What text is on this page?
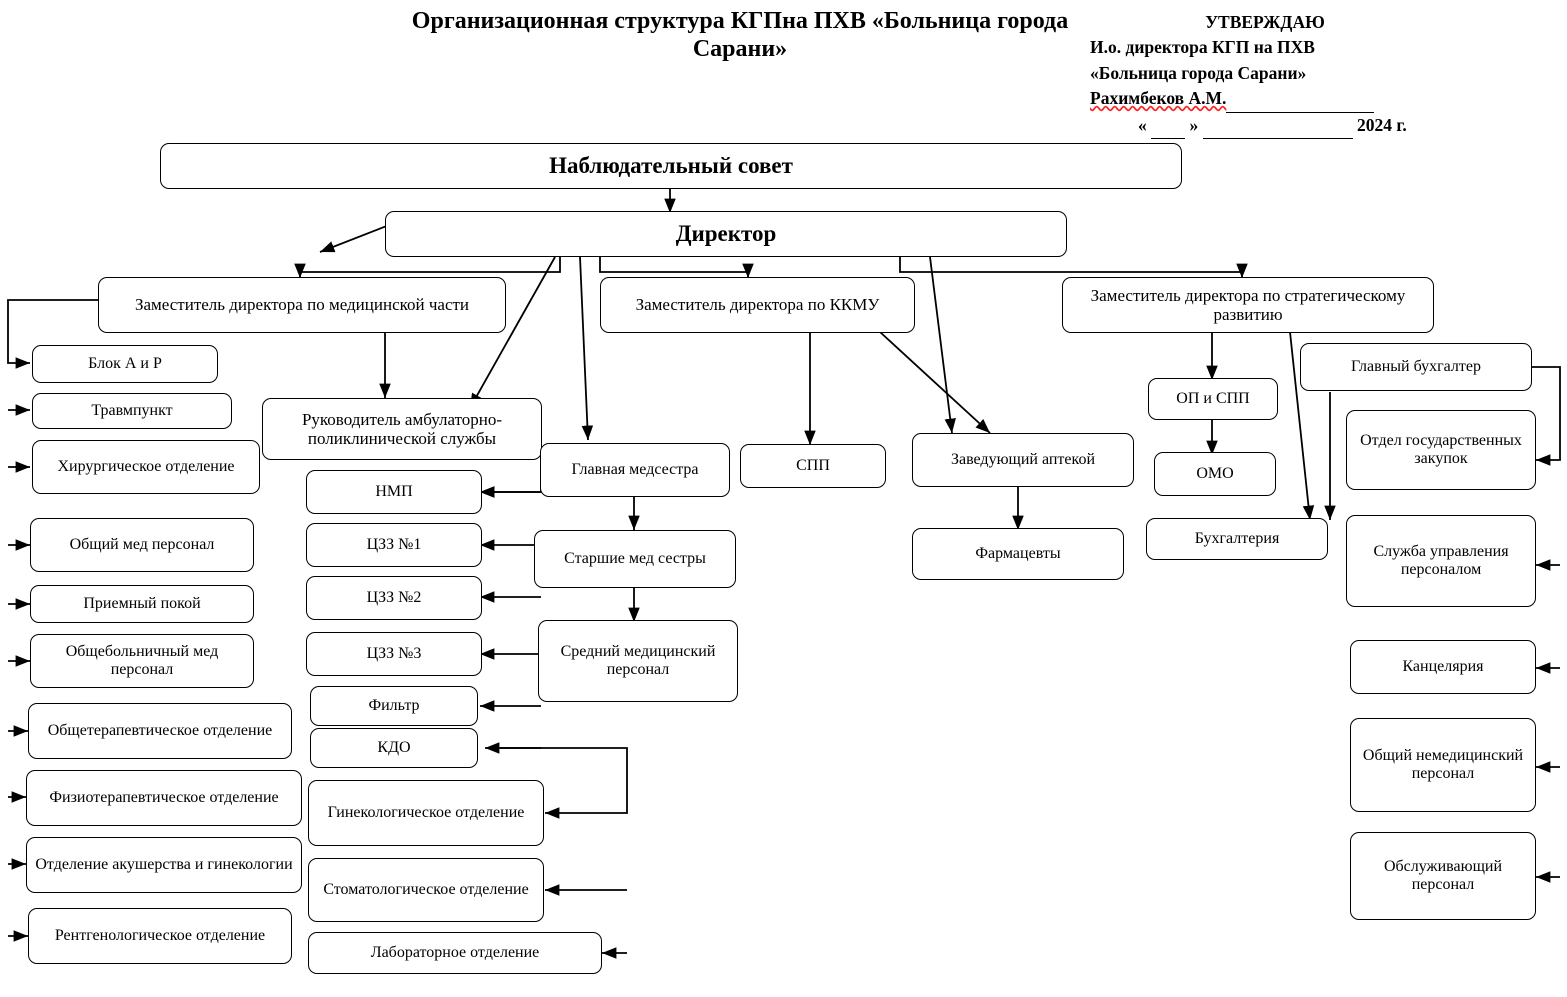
Организационная структура КГПна ПХВ «Больница города Сарани»
УТВЕРЖДАЮ
И.о. директора КГП на ПХВ
«Больница города Сарани»
Рахимбеков А.М.
« »	2024 г.
Наблюдательный совет
Директор
Заместитель директора по медицинской части	Заместитель директора по ККМУ
Заместитель директора по стратегическому развитию
Блок А и Р
Травмпункт
Хирургическое отделение
Общий мед персонал
Приемный покой
Общебольничный мед персонал
Общетерапевтическое отделение
Физиотерапевтическое отделение
Отделение акушерства и гинекологии
Рентгенологическое отделение
Руководитель амбулаторно-поликлинической службы
НМП
ЦЗЗ №1
ЦЗЗ №2
ЦЗЗ №3
Фильтр
КДО
Гинекологическое отделение
Стоматологическое отделение
Лабораторное отделение
Главная медсестра
Старшие мед сестры
Средний медицинский персонал
СПП	Заведующий аптекой
Фармацевты
ОП и СПП
ОМО
Главный бухгалтер
Бухгалтерия
Отдел государственных закупок
Служба управления персоналом
Канцелярия
Общий немедицинский персонал
Обслуживающий персонал
